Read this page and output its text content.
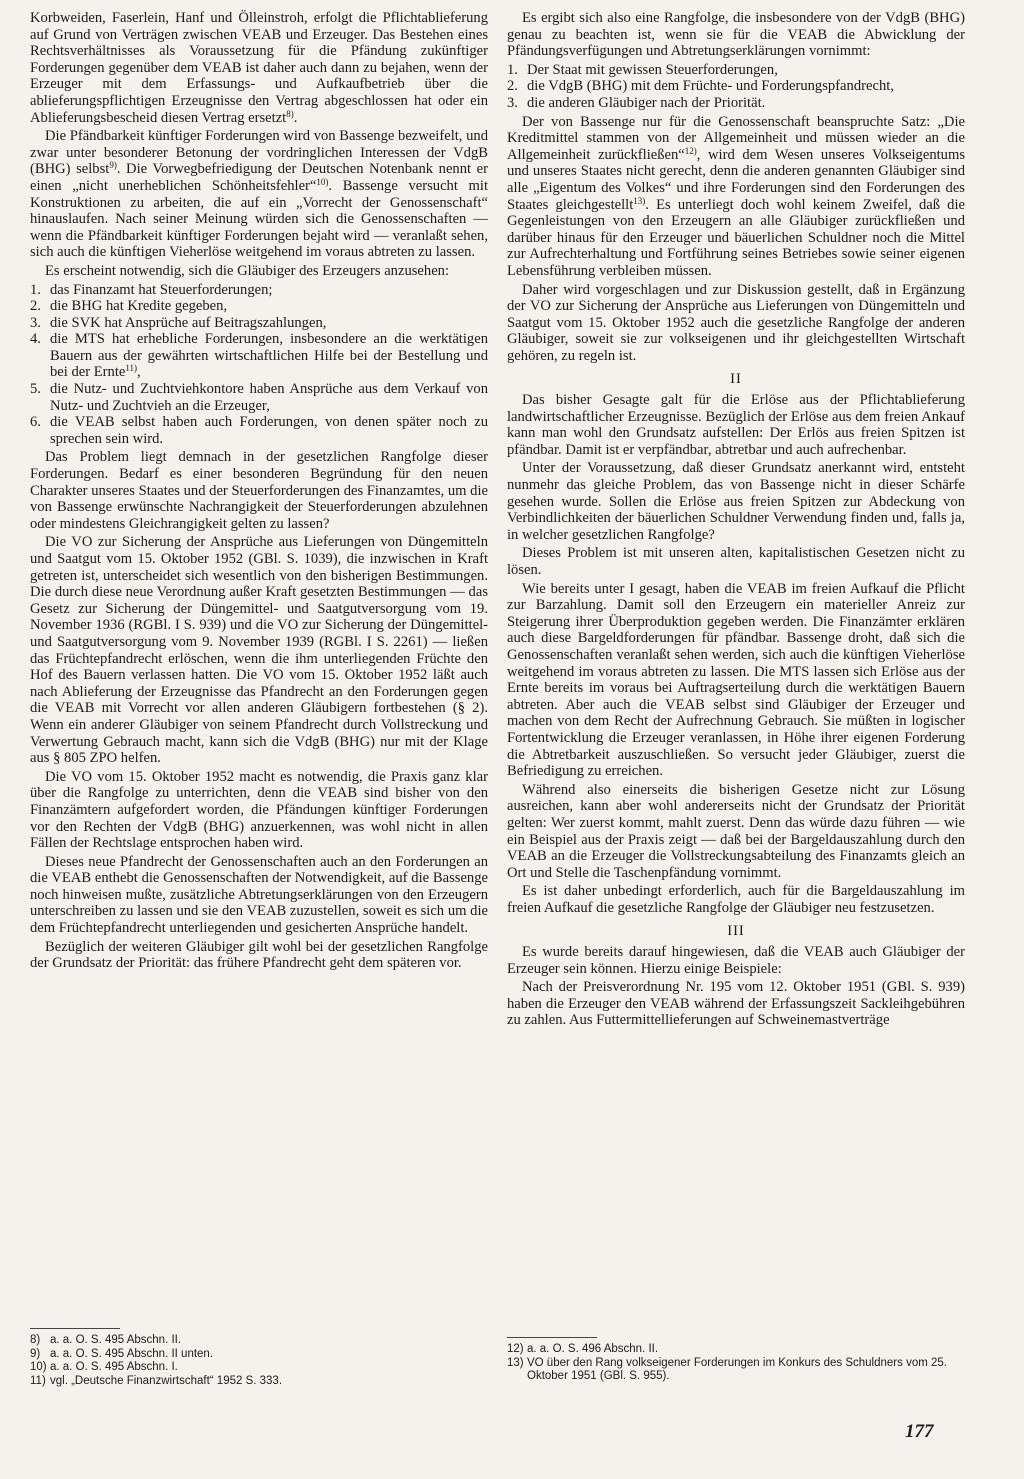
Korbweiden, Faserlein, Hanf und Ölleinstroh, erfolgt die Pflichtablieferung auf Grund von Verträgen zwischen VEAB und Erzeuger. Das Bestehen eines Rechtsverhältnisses als Voraussetzung für die Pfändung zukünftiger Forderungen gegenüber dem VEAB ist daher auch dann zu bejahen, wenn der Erzeuger mit dem Erfassungs- und Aufkaufbetrieb über die ablieferungspflichtigen Erzeugnisse den Vertrag abgeschlossen hat oder ein Ablieferungsbescheid diesen Vertrag ersetzt$^{8)}$.

Die Pfändbarkeit künftiger Forderungen wird von Bassenge bezweifelt, und zwar unter besonderer Betonung der vordringlichen Interessen der VdgB (BHG) selbst$^{9)}$. Die Vorwegbefriedigung der Deutschen Notenbank nennt er einen „nicht unerheblichen Schönheitsfehler“$^{10)}$. Bassenge versucht mit Konstruktionen zu arbeiten, die auf ein „Vorrecht der Genossenschaft“ hinauslaufen. Nach seiner Meinung würden sich die Genossenschaften — wenn die Pfändbarkeit künftiger Forderungen bejaht wird — veranlaßt sehen, sich auch die künftigen Vieherlöse weitgehend im voraus abtreten zu lassen.

Es erscheint notwendig, sich die Gläubiger des Erzeugers anzusehen:

1. das Finanzamt hat Steuerforderungen;
2. die BHG hat Kredite gegeben,
3. die SVK hat Ansprüche auf Beitragszahlungen,
4. die MTS hat erhebliche Forderungen, insbesondere an die werktätigen Bauern aus der gewährten wirtschaftlichen Hilfe bei der Bestellung und bei der Ernte$^{11)}$,
5. die Nutz- und Zuchtviehkontore haben Ansprüche aus dem Verkauf von Nutz- und Zuchtvieh an die Erzeuger,
6. die VEAB selbst haben auch Forderungen, von denen später noch zu sprechen sein wird.

Das Problem liegt demnach in der gesetzlichen Rangfolge dieser Forderungen. Bedarf es einer besonderen Begründung für den neuen Charakter unseres Staates und der Steuerforderungen des Finanzamtes, um die von Bassenge erwünschte Nachrangigkeit der Steuerforderungen abzulehnen oder mindestens Gleichrangigkeit gelten zu lassen?

Die VO zur Sicherung der Ansprüche aus Lieferungen von Düngemitteln und Saatgut vom 15. Oktober 1952 (GBl. S. 1039), die inzwischen in Kraft getreten ist, unterscheidet sich wesentlich von den bisherigen Bestimmungen. Die durch diese neue Verordnung außer Kraft gesetzten Bestimmungen — das Gesetz zur Sicherung der Düngemittel- und Saatgutversorgung vom 19. November 1936 (RGBl. I S. 939) und die VO zur Sicherung der Düngemittel- und Saatgutversorgung vom 9. November 1939 (RGBl. I S. 2261) — ließen das Früchtepfandrecht erlöschen, wenn die ihm unterliegenden Früchte den Hof des Bauern verlassen hatten. Die VO vom 15. Oktober 1952 läßt auch nach Ablieferung der Erzeugnisse das Pfandrecht an den Forderungen gegen die VEAB mit Vorrecht vor allen anderen Gläubigern fortbestehen (§ 2). Wenn ein anderer Gläubiger von seinem Pfandrecht durch Vollstreckung und Verwertung Gebrauch macht, kann sich die VdgB (BHG) nur mit der Klage aus § 805 ZPO helfen.

Die VO vom 15. Oktober 1952 macht es notwendig, die Praxis ganz klar über die Rangfolge zu unterrichten, denn die VEAB sind bisher von den Finanzämtern aufgefordert worden, die Pfändungen künftiger Forderungen vor den Rechten der VdgB (BHG) anzuerkennen, was wohl nicht in allen Fällen der Rechtslage entsprochen haben wird.

Dieses neue Pfandrecht der Genossenschaften auch an den Forderungen an die VEAB enthebt die Genossenschaften der Notwendigkeit, auf die Bassenge noch hinweisen mußte, zusätzliche Abtretungserklärungen von den Erzeugern unterschreiben zu lassen und sie den VEAB zuzustellen, soweit es sich um die dem Früchtepfandrecht unterliegenden und gesicherten Ansprüche handelt.

Bezüglich der weiteren Gläubiger gilt wohl bei der gesetzlichen Rangfolge der Grundsatz der Priorität: das frühere Pfandrecht geht dem späteren vor.

8) a. a. O. S. 495 Abschn. II.

9) a. a. O. S. 495 Abschn. II unten.

10) a. a. O. S. 495 Abschn. I.

11) vgl. „Deutsche Finanzwirtschaft“ 1952 S. 333.

Es ergibt sich also eine Rangfolge, die insbesondere von der VdgB (BHG) genau zu beachten ist, wenn sie für die VEAB die Abwicklung der Pfändungsverfügungen und Abtretungserklärungen vornimmt:

1. Der Staat mit gewissen Steuerforderungen,
2. die VdgB (BHG) mit dem Früchte- und Forderungspfandrecht,
3. die anderen Gläubiger nach der Priorität.

Der von Bassenge nur für die Genossenschaft beanspruchte Satz: „Die Kreditmittel stammen von der Allgemeinheit und müssen wieder an die Allgemeinheit zurückfließen“$^{12)}$, wird dem Wesen unseres Volkseigentums und unseres Staates nicht gerecht, denn die anderen genannten Gläubiger sind alle „Eigentum des Volkes“ und ihre Forderungen sind den Forderungen des Staates gleichgestellt$^{13)}$. Es unterliegt doch wohl keinem Zweifel, daß die Gegenleistungen von den Erzeugern an alle Gläubiger zurückfließen und darüber hinaus für den Erzeuger und bäuerlichen Schuldner noch die Mittel zur Aufrechterhaltung und Fortführung seines Betriebes sowie seiner eigenen Lebensführung verbleiben müssen.

Daher wird vorgeschlagen und zur Diskussion gestellt, daß in Ergänzung der VO zur Sicherung der Ansprüche aus Lieferungen von Düngemitteln und Saatgut vom 15. Oktober 1952 auch die gesetzliche Rangfolge der anderen Gläubiger, soweit sie zur volkseigenen und ihr gleichgestellten Wirtschaft gehören, zu regeln ist.

II

Das bisher Gesagte galt für die Erlöse aus der Pflichtablieferung landwirtschaftlicher Erzeugnisse. Bezüglich der Erlöse aus dem freien Ankauf kann man wohl den Grundsatz aufstellen: Der Erlös aus freien Spitzen ist pfändbar. Damit ist er verpfändbar, abtretbar und auch aufrechenbar.

Unter der Voraussetzung, daß dieser Grundsatz anerkannt wird, entsteht nunmehr das gleiche Problem, das von Bassenge nicht in dieser Schärfe gesehen wurde. Sollen die Erlöse aus freien Spitzen zur Abdeckung von Verbindlichkeiten der bäuerlichen Schuldner Verwendung finden und, falls ja, in welcher gesetzlichen Rangfolge?

Dieses Problem ist mit unseren alten, kapitalistischen Gesetzen nicht zu lösen.

Wie bereits unter I gesagt, haben die VEAB im freien Aufkauf die Pflicht zur Barzahlung. Damit soll den Erzeugern ein materieller Anreiz zur Steigerung ihrer Überproduktion gegeben werden. Die Finanzämter erklären auch diese Bargeldforderungen für pfändbar. Bassenge droht, daß sich die Genossenschaften veranlaßt sehen werden, sich auch die künftigen Vieherlöse weitgehend im voraus abtreten zu lassen. Die MTS lassen sich Erlöse aus der Ernte bereits im voraus bei Auftragserteilung durch die werktätigen Bauern abtreten. Aber auch die VEAB selbst sind Gläubiger der Erzeuger und machen von dem Recht der Aufrechnung Gebrauch. Sie müßten in logischer Fortentwicklung die Erzeuger veranlassen, in Höhe ihrer eigenen Forderung die Abtretbarkeit auszuschließen. So versucht jeder Gläubiger, zuerst die Befriedigung zu erreichen.

Während also einerseits die bisherigen Gesetze nicht zur Lösung ausreichen, kann aber wohl andererseits nicht der Grundsatz der Priorität gelten: Wer zuerst kommt, mahlt zuerst. Denn das würde dazu führen — wie ein Beispiel aus der Praxis zeigt — daß bei der Bargeldauszahlung durch den VEAB an die Erzeuger die Vollstreckungsabteilung des Finanzamts gleich an Ort und Stelle die Taschenpfändung vornimmt.

Es ist daher unbedingt erforderlich, auch für die Bargeldauszahlung im freien Aufkauf die gesetzliche Rangfolge der Gläubiger neu festzusetzen.

III

Es wurde bereits darauf hingewiesen, daß die VEAB auch Gläubiger der Erzeuger sein können. Hierzu einige Beispiele:

Nach der Preisverordnung Nr. 195 vom 12. Oktober 1951 (GBl. S. 939) haben die Erzeuger den VEAB während der Erfassungszeit Sackleihgebühren zu zahlen. Aus Futtermittellieferungen auf Schweinemastverträge

12) a. a. O. S. 496 Abschn. II.

13) VO über den Rang volkseigener Forderungen im Konkurs des Schuldners vom 25. Oktober 1951 (GBl. S. 955).

177
